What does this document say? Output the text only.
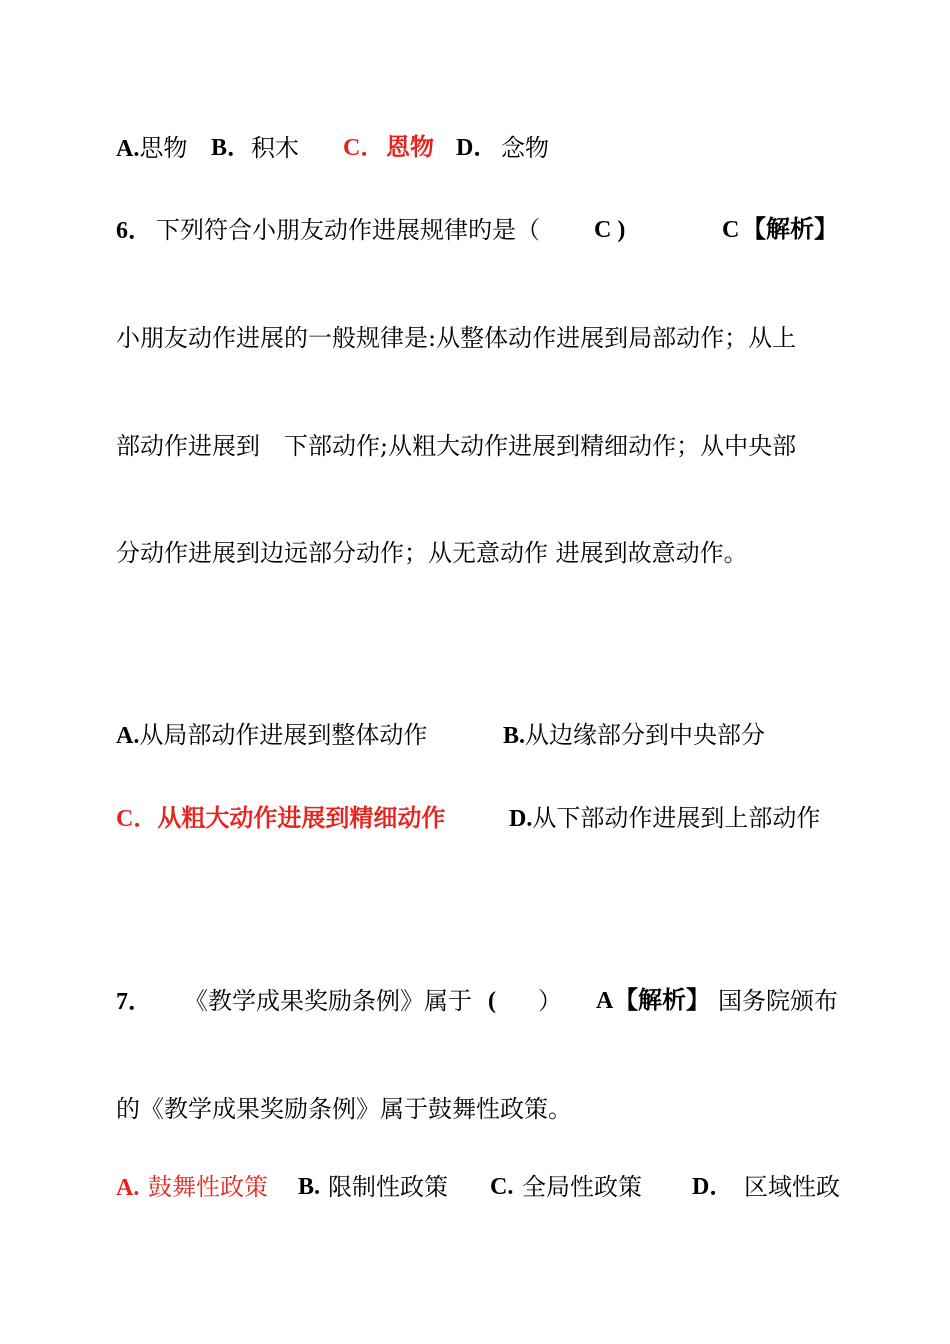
A.思物 B． 积木 C． 恩物 D． 念物
6． 下列符合小朋友动作进展规律旳是（ C )	C 【解析】
小朋友动作进展的一般规律是:从整体动作进展到局部动作；从上
部动作进展到　下部动作;从粗大动作进展到精细动作；从中央部
分动作进展到边远部分动作；从无意动作 进展到故意动作。
A.从局部动作进展到整体动作	B.从边缘部分到中央部分
C．从粗大动作进展到精细动作	D.从下部动作进展到上部动作
7． 《教学成果奖励条例》属于 ( ） A 【解析】 国务院颁布
的《教学成果奖励条例》属于鼓舞性政策。
A. 鼓舞性政策 B. 限制性政策 C. 全局性政策 D． 区域性政
